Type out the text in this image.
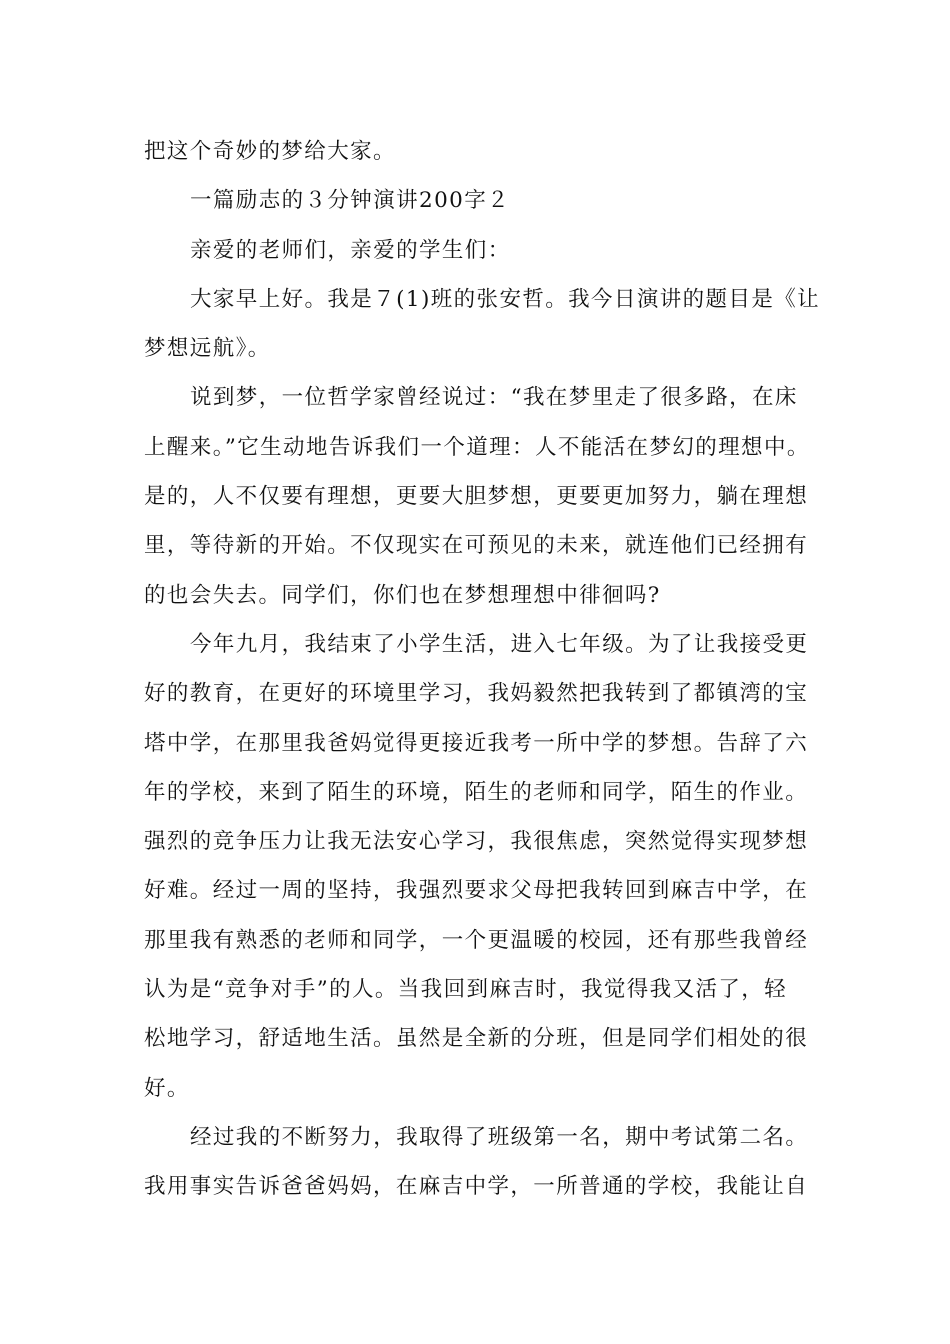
把这个奇妙的梦给大家。
一篇励志的３分钟演讲200字２
亲爱的老师们，亲爱的学生们：
大家早上好。我是７(1)班的张安哲。我今日演讲的题目是《让
梦想远航》。
说到梦，一位哲学家曾经说过：“我在梦里走了很多路，在床
上醒来。”它生动地告诉我们一个道理：人不能活在梦幻的理想中。
是的，人不仅要有理想，更要大胆梦想，更要更加努力，躺在理想
里，等待新的开始。不仅现实在可预见的未来，就连他们已经拥有
的也会失去。同学们，你们也在梦想理想中徘徊吗?
今年九月，我结束了小学生活，进入七年级。为了让我接受更
好的教育，在更好的环境里学习，我妈毅然把我转到了都镇湾的宝
塔中学，在那里我爸妈觉得更接近我考一所中学的梦想。告辞了六
年的学校，来到了陌生的环境，陌生的老师和同学，陌生的作业。
强烈的竞争压力让我无法安心学习，我很焦虑，突然觉得实现梦想
好难。经过一周的坚持，我强烈要求父母把我转回到麻吉中学，在
那里我有熟悉的老师和同学，一个更温暖的校园，还有那些我曾经
认为是“竞争对手”的人。当我回到麻吉时，我觉得我又活了，轻
松地学习，舒适地生活。虽然是全新的分班，但是同学们相处的很
好。
经过我的不断努力，我取得了班级第一名，期中考试第二名。
我用事实告诉爸爸妈妈，在麻吉中学，一所普通的学校，我能让自
